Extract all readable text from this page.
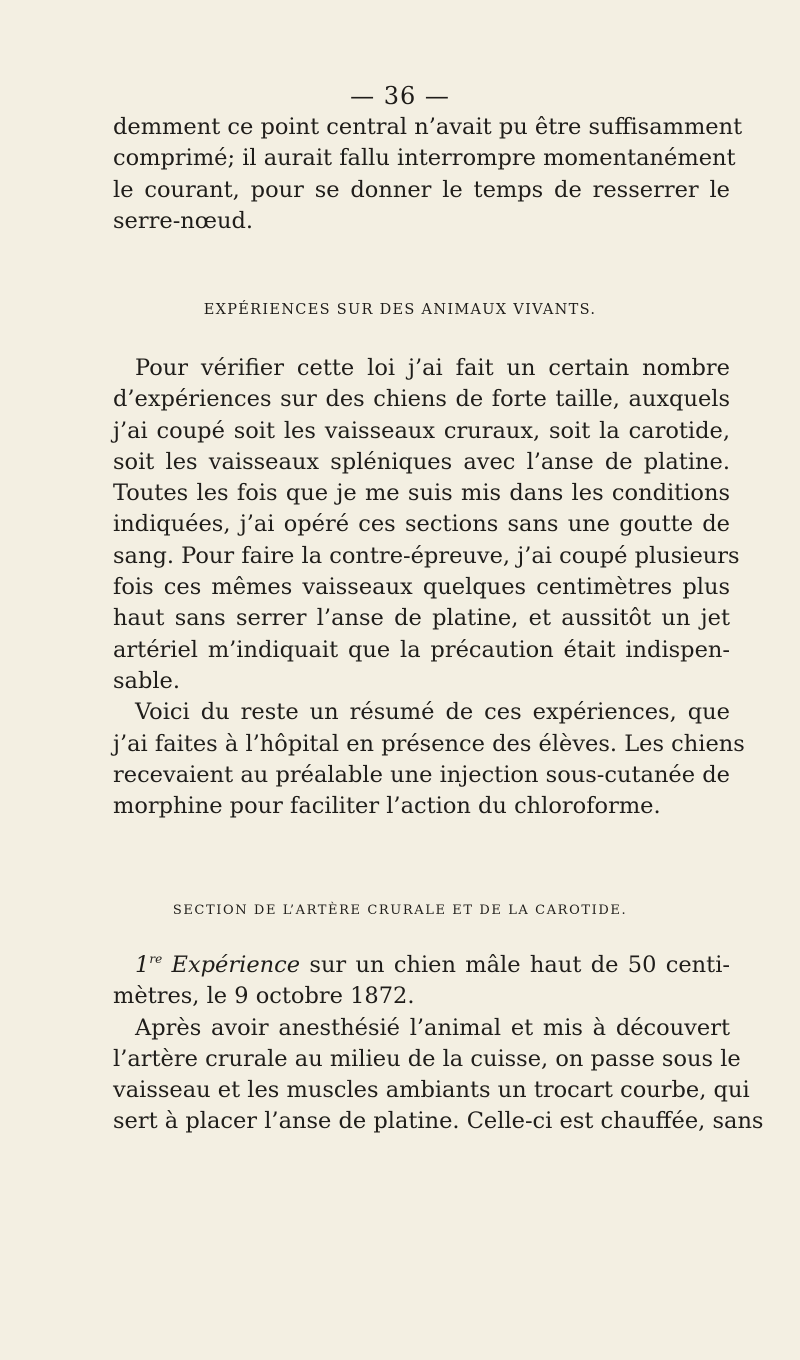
— 36 —
demment ce point central n’avait pu être suffisamment
comprimé; il aurait fallu interrompre momentanément
le courant, pour se donner le temps de resserrer le
serre-nœud.
EXPÉRIENCES SUR DES ANIMAUX VIVANTS.
Pour vérifier cette loi j’ai fait un certain nombre
d’expériences sur des chiens de forte taille, auxquels
j’ai coupé soit les vaisseaux cruraux, soit la carotide,
soit les vaisseaux spléniques avec l’anse de platine.
Toutes les fois que je me suis mis dans les conditions
indiquées, j’ai opéré ces sections sans une goutte de
sang. Pour faire la contre-épreuve, j’ai coupé plusieurs
fois ces mêmes vaisseaux quelques centimètres plus
haut sans serrer l’anse de platine, et aussitôt un jet
artériel m’indiquait que la précaution était indispen-
sable.
Voici du reste un résumé de ces expériences, que
j’ai faites à l’hôpital en présence des élèves. Les chiens
recevaient au préalable une injection sous-cutanée de
morphine pour faciliter l’action du chloroforme.
SECTION DE L’ARTÈRE CRURALE ET DE LA CAROTIDE.
1re Expérience sur un chien mâle haut de 50 centi-
mètres, le 9 octobre 1872.
Après avoir anesthésié l’animal et mis à découvert
l’artère crurale au milieu de la cuisse, on passe sous le
vaisseau et les muscles ambiants un trocart courbe, qui
sert à placer l’anse de platine. Celle-ci est chauffée, sans
